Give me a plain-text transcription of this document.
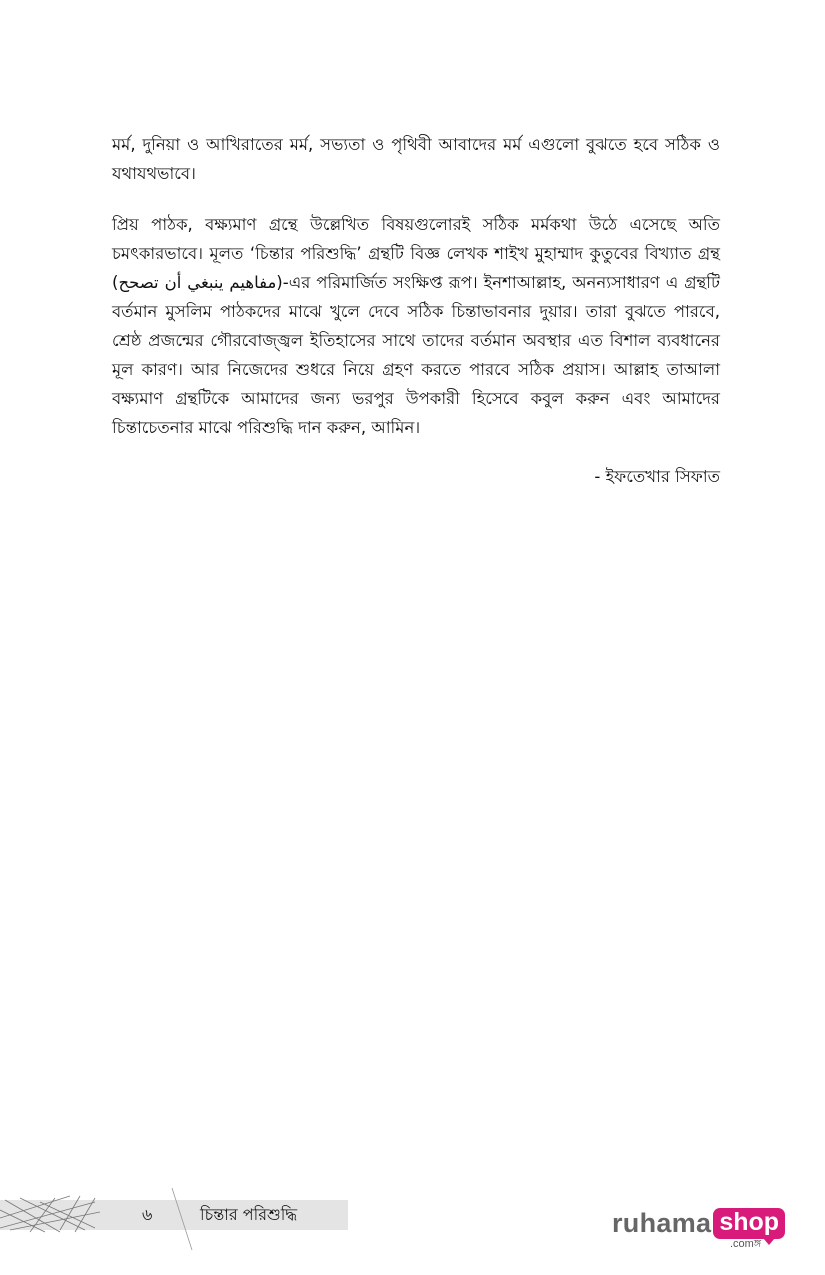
মর্ম, দুনিয়া ও আখিরাতের মর্ম, সভ্যতা ও পৃথিবী আবাদের মর্ম এগুলো বুঝতে হবে সঠিক ও যথাযথভাবে।

প্রিয় পাঠক, বক্ষ্যমাণ গ্রন্থে উল্লেখিত বিষয়গুলোরই সঠিক মর্মকথা উঠে এসেছে অতি চমৎকারভাবে। মূলত ‘চিন্তার পরিশুদ্ধি’ গ্রন্থটি বিজ্ঞ লেখক শাইখ মুহাম্মাদ কুতুবের বিখ্যাত গ্রন্থ (مفاهيم ينبغي أن تصحح)-এর পরিমার্জিত সংক্ষিপ্ত রূপ। ইনশাআল্লাহ, অনন্যসাধারণ এ গ্রন্থটি বর্তমান মুসলিম পাঠকদের মাঝে খুলে দেবে সঠিক চিন্তাভাবনার দুয়ার। তারা বুঝতে পারবে, শ্রেষ্ঠ প্রজন্মের গৌরবোজ্জ্বল ইতিহাসের সাথে তাদের বর্তমান অবস্থার এত বিশাল ব্যবধানের মূল কারণ। আর নিজেদের শুধরে নিয়ে গ্রহণ করতে পারবে সঠিক প্রয়াস। আল্লাহ তাআলা বক্ষ্যমাণ গ্রন্থটিকে আমাদের জন্য ভরপুর উপকারী হিসেবে কবুল করুন এবং আমাদের চিন্তাচেতনার মাঝে পরিশুদ্ধি দান করুন, আমিন।

- ইফতেখার সিফাত
৬	চিন্তার পরিশুদ্ধি	ruhama shop
.comঙ্গ
